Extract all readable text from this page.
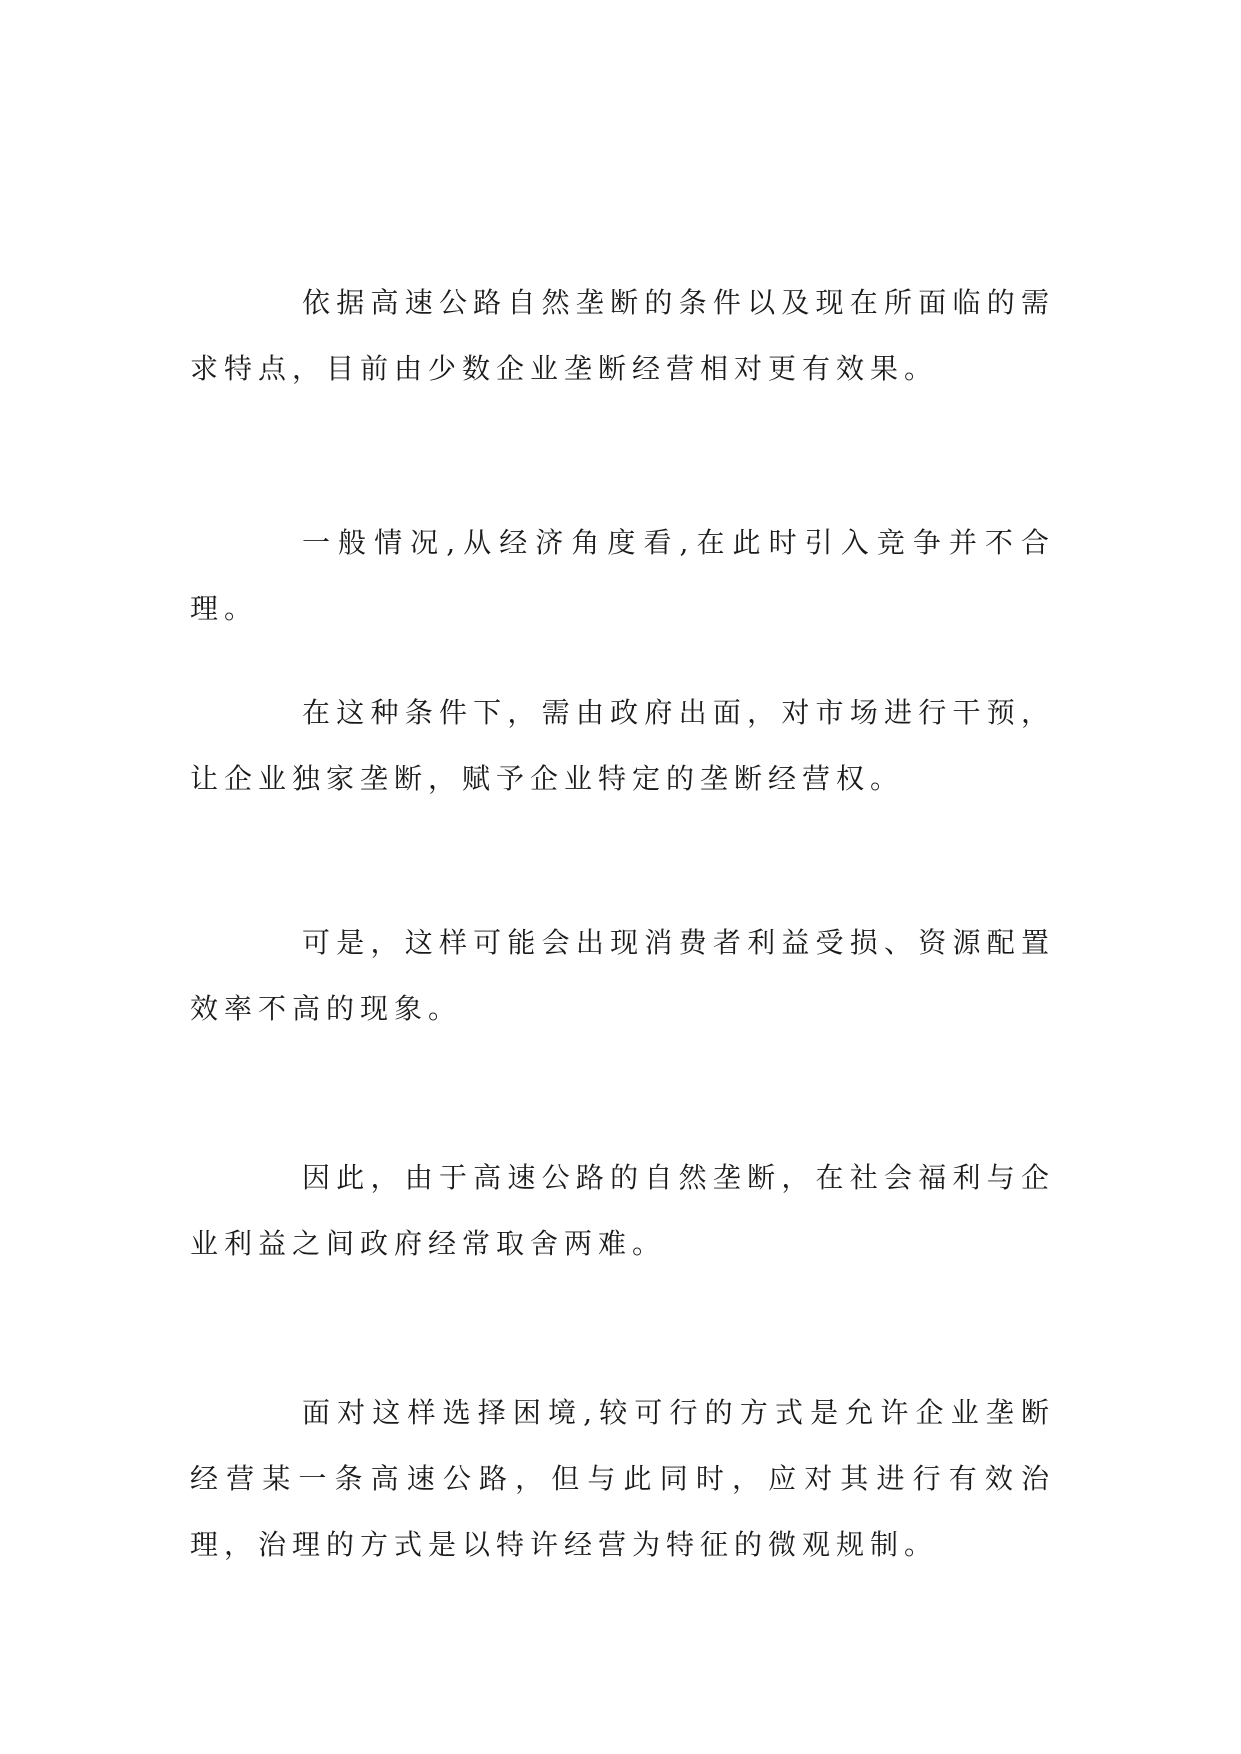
依据高速公路自然垄断的条件以及现在所面临的需求特点，目前由少数企业垄断经营相对更有效果。

一般情况,从经济角度看,在此时引入竞争并不合理。

在这种条件下，需由政府出面，对市场进行干预，让企业独家垄断，赋予企业特定的垄断经营权。

可是，这样可能会出现消费者利益受损、资源配置效率不高的现象。

因此，由于高速公路的自然垄断，在社会福利与企业利益之间政府经常取舍两难。

面对这样选择困境,较可行的方式是允许企业垄断经营某一条高速公路，但与此同时，应对其进行有效治理，治理的方式是以特许经营为特征的微观规制。
